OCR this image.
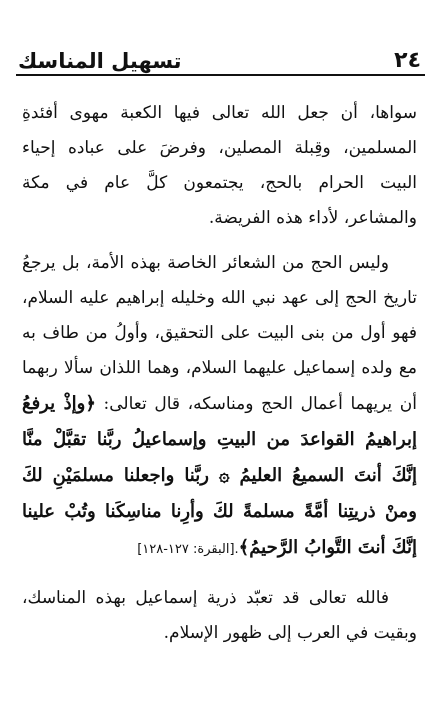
٢٤
تسهيل المناسك

سواها، أن جعل الله تعالى فيها الكعبة مهوى أفئدةِ المسلمين، وقِبلة المصلين، وفرضَ على عباده إحياء البيت الحرام بالحج، يجتمعون كلَّ عام في مكة والمشاعر، لأداء هذه الفريضة.

وليس الحج من الشعائر الخاصة بهذه الأمة، بل يرجعُ تاريخ الحج إلى عهد نبي الله وخليله إبراهيم عليه السلام، فهو أول من بنى البيت على التحقيق، وأولُ من طاف به مع ولده إسماعيل عليهما السلام، وهما اللذان سألا ربهما أن يريهما أعمال الحج ومناسكه، قال تعالى: ﴿وإذْ يرفعُ إبراهيمُ القواعدَ من البيتِ وإسماعيلُ ربَّنا تقبَّلْ منَّا إنَّكَ أنتَ السميعُ العليمُ ۞ ربَّنا واجعلنا مسلمَيْنِ لكَ ومنْ ذريتِنا أمَّةً مسلمةً لكَ وأرِنا مناسِكَنا وتُبْ علينا إنَّكَ أنتَ التَّوابُ الرَّحيمُ﴾.[البقرة: ١٢٧-١٢٨]

فالله تعالى قد تعبّد ذرية إسماعيل بهذه المناسك، وبقيت في العرب إلى ظهور الإسلام.
